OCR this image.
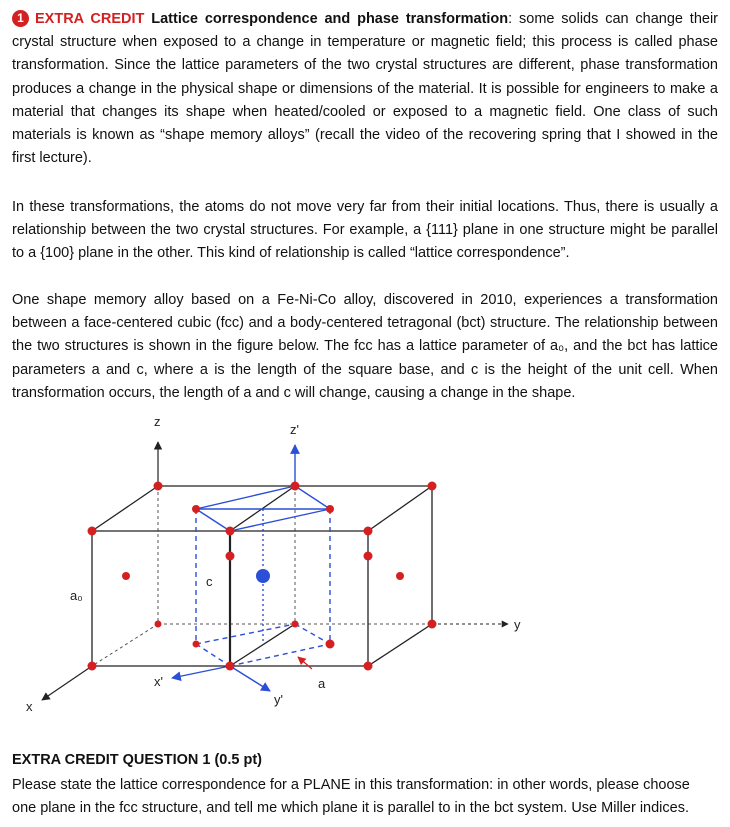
1 EXTRA CREDIT Lattice correspondence and phase transformation: some solids can change their crystal structure when exposed to a change in temperature or magnetic field; this process is called phase transformation. Since the lattice parameters of the two crystal structures are different, phase transformation produces a change in the physical shape or dimensions of the material. It is possible for engineers to make a material that changes its shape when heated/cooled or exposed to a magnetic field. One class of such materials is known as “shape memory alloys” (recall the video of the recovering spring that I showed in the first lecture).
In these transformations, the atoms do not move very far from their initial locations. Thus, there is usually a relationship between the two crystal structures. For example, a {111} plane in one structure might be parallel to a {100} plane in the other. This kind of relationship is called “lattice correspondence”.
One shape memory alloy based on a Fe-Ni-Co alloy, discovered in 2010, experiences a transformation between a face-centered cubic (fcc) and a body-centered tetragonal (bct) structure. The relationship between the two structures is shown in the figure below. The fcc has a lattice parameter of a₀, and the bct has lattice parameters a and c, where a is the length of the square base, and c is the height of the unit cell. When transformation occurs, the length of a and c will change, causing a change in the shape.
z
z'
y
y'
x
x'
a₀
c
a
EXTRA CREDIT QUESTION 1 (0.5 pt)
Please state the lattice correspondence for a PLANE in this transformation: in other words, please choose one plane in the fcc structure, and tell me which plane it is parallel to in the bct system. Use Miller indices.
